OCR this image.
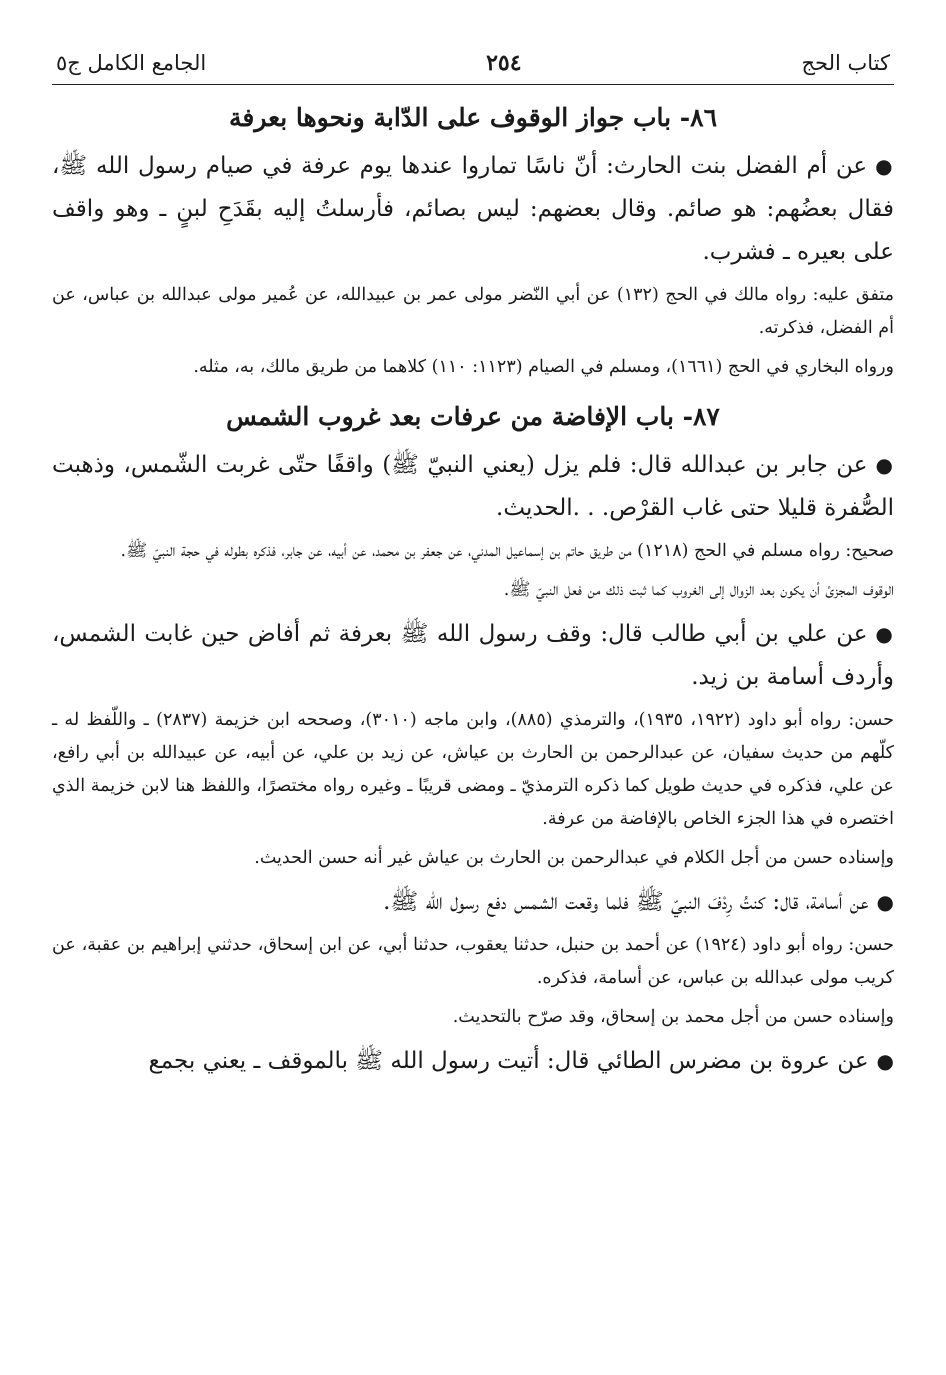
كتاب الحج
٢٥٤
الجامع الكامل ج٥
٨٦- باب جواز الوقوف على الدّابة ونحوها بعرفة

●عن أم الفضل بنت الحارث: أنّ ناسًا تماروا عندها يوم عرفة في صيام رسول الله ﷺ، فقال بعضُهم: هو صائم. وقال بعضهم: ليس بصائم، فأرسلتُ إليه بقَدَحِ لبنٍ ـ وهو واقف على بعيره ـ فشرب.

متفق عليه: رواه مالك في الحج (١٣٢) عن أبي النّضر مولى عمر بن عبيدالله، عن عُمير مولى عبدالله بن عباس، عن أم الفضل، فذكرته.

ورواه البخاري في الحج (١٦٦١)، ومسلم في الصيام (١١٢٣: ١١٠) كلاهما من طريق مالك، به، مثله.

٨٧- باب الإفاضة من عرفات بعد غروب الشمس

●عن جابر بن عبدالله قال: فلم يزل (يعني النبيّ ﷺ) واقفًا حتّى غربت الشّمس، وذهبت الصُّفرة قليلا حتى غاب القرْص. . .الحديث.

صحيح: رواه مسلم في الحج (١٢١٨) من طريق حاتم بن إسماعيل المدني، عن جعفر بن محمد، عن أبيه، عن جابر، فذكره بطوله في حجة النبيّ ﷺ.

الوقوف المجزئ أن يكون بعد الزوال إلى الغروب كما ثبت ذلك من فعل النبيّ ﷺ.

●عن علي بن أبي طالب قال: وقف رسول الله ﷺ بعرفة ثم أفاض حين غابت الشمس، وأردف أسامة بن زيد.

حسن: رواه أبو داود (١٩٢٢، ١٩٣٥)، والترمذي (٨٨٥)، وابن ماجه (٣٠١٠)، وصححه ابن خزيمة (٢٨٣٧) ـ واللّفظ له ـ كلّهم من حديث سفيان، عن عبدالرحمن بن الحارث بن عياش، عن زيد بن علي، عن أبيه، عن عبيدالله بن أبي رافع، عن علي، فذكره في حديث طويل كما ذكره الترمذيّ ـ ومضى قريبًا ـ وغيره رواه مختصرًا، واللفظ هنا لابن خزيمة الذي اختصره في هذا الجزء الخاص بالإفاضة من عرفة.

وإسناده حسن من أجل الكلام في عبدالرحمن بن الحارث بن عياش غير أنه حسن الحديث.

●عن أسامة، قال: كنتُ رِدْفَ النبيّ ﷺ فلما وقعت الشمس دفع رسول الله ﷺ.

حسن: رواه أبو داود (١٩٢٤) عن أحمد بن حنبل، حدثنا يعقوب، حدثنا أبي، عن ابن إسحاق، حدثني إبراهيم بن عقبة، عن كريب مولى عبدالله بن عباس، عن أسامة، فذكره.

وإسناده حسن من أجل محمد بن إسحاق، وقد صرّح بالتحديث.

●عن عروة بن مضرس الطائي قال: أتيت رسول الله ﷺ بالموقف ـ يعني بجمع
